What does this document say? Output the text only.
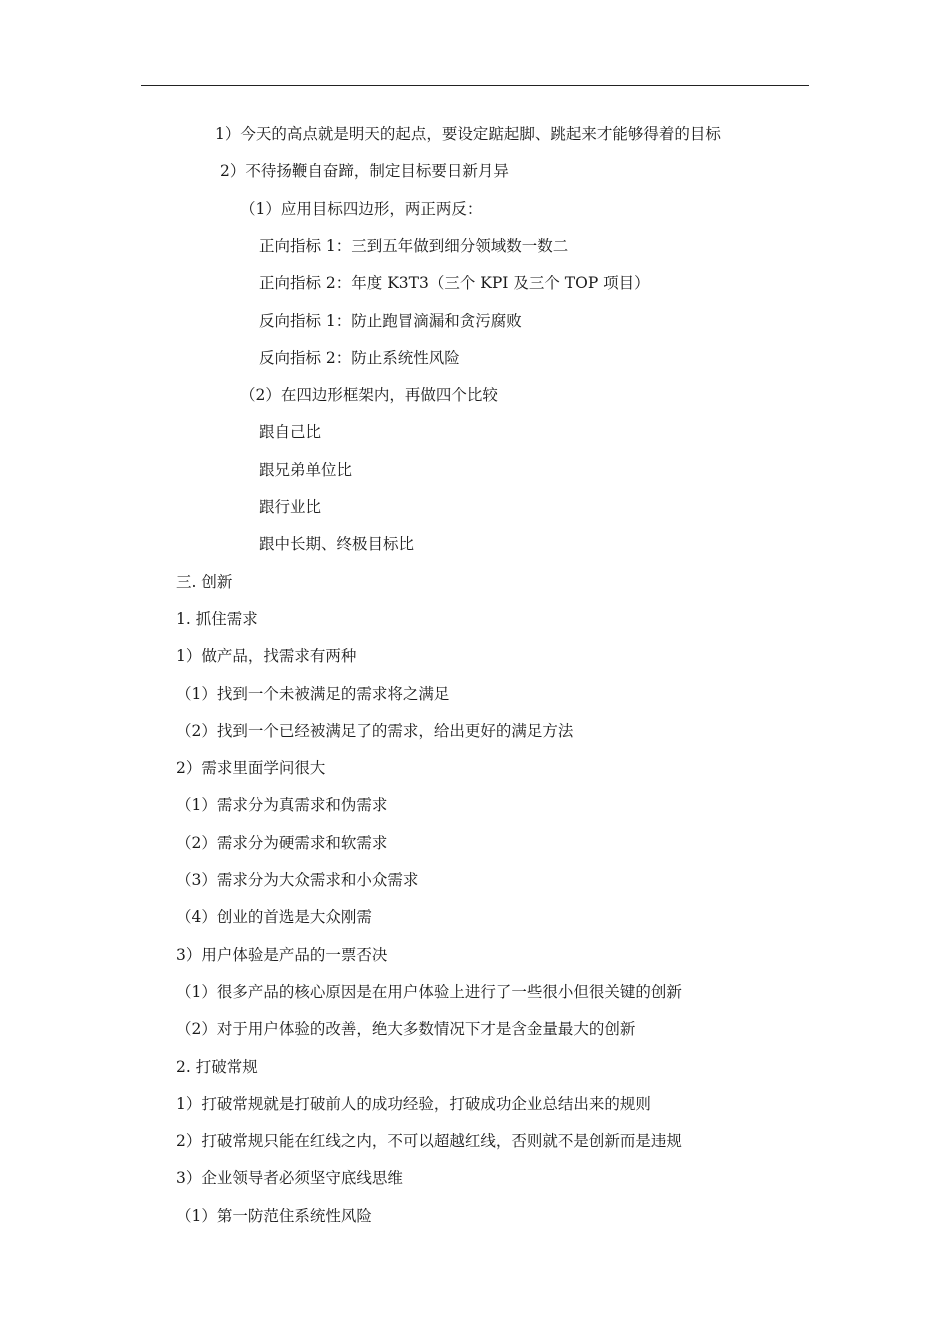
1）今天的高点就是明天的起点，要设定踮起脚、跳起来才能够得着的目标
2）不待扬鞭自奋蹄，制定目标要日新月异
（1）应用目标四边形，两正两反：
正向指标 1：三到五年做到细分领域数一数二
正向指标 2：年度 K3T3（三个 KPI 及三个 TOP 项目）
反向指标 1：防止跑冒滴漏和贪污腐败
反向指标 2：防止系统性风险
（2）在四边形框架内，再做四个比较
跟自己比
跟兄弟单位比
跟行业比
跟中长期、终极目标比
三. 创新
1. 抓住需求
1）做产品，找需求有两种
（1）找到一个未被满足的需求将之满足
（2）找到一个已经被满足了的需求，给出更好的满足方法
2）需求里面学问很大
（1）需求分为真需求和伪需求
（2）需求分为硬需求和软需求
（3）需求分为大众需求和小众需求
（4）创业的首选是大众刚需
3）用户体验是产品的一票否决
（1）很多产品的核心原因是在用户体验上进行了一些很小但很关键的创新
（2）对于用户体验的改善，绝大多数情况下才是含金量最大的创新
2. 打破常规
1）打破常规就是打破前人的成功经验，打破成功企业总结出来的规则
2）打破常规只能在红线之内，不可以超越红线，否则就不是创新而是违规
3）企业领导者必须坚守底线思维
（1）第一防范住系统性风险
